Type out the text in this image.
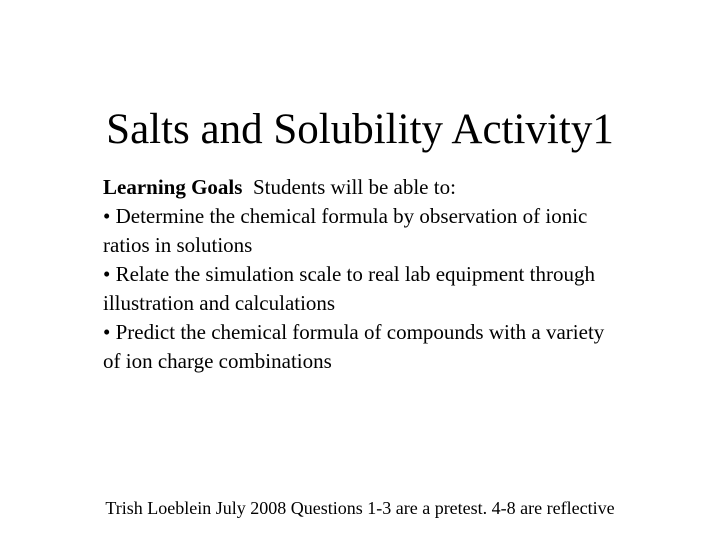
Salts and Solubility Activity1

Learning Goals Students will be able to:

• Determine the chemical formula by observation of ionic ratios in solutions

• Relate the simulation scale to real lab equipment through illustration and calculations

• Predict the chemical formula of compounds with a variety of ion charge combinations

Trish Loeblein July 2008 Questions 1-3 are a pretest. 4-8 are reflective
